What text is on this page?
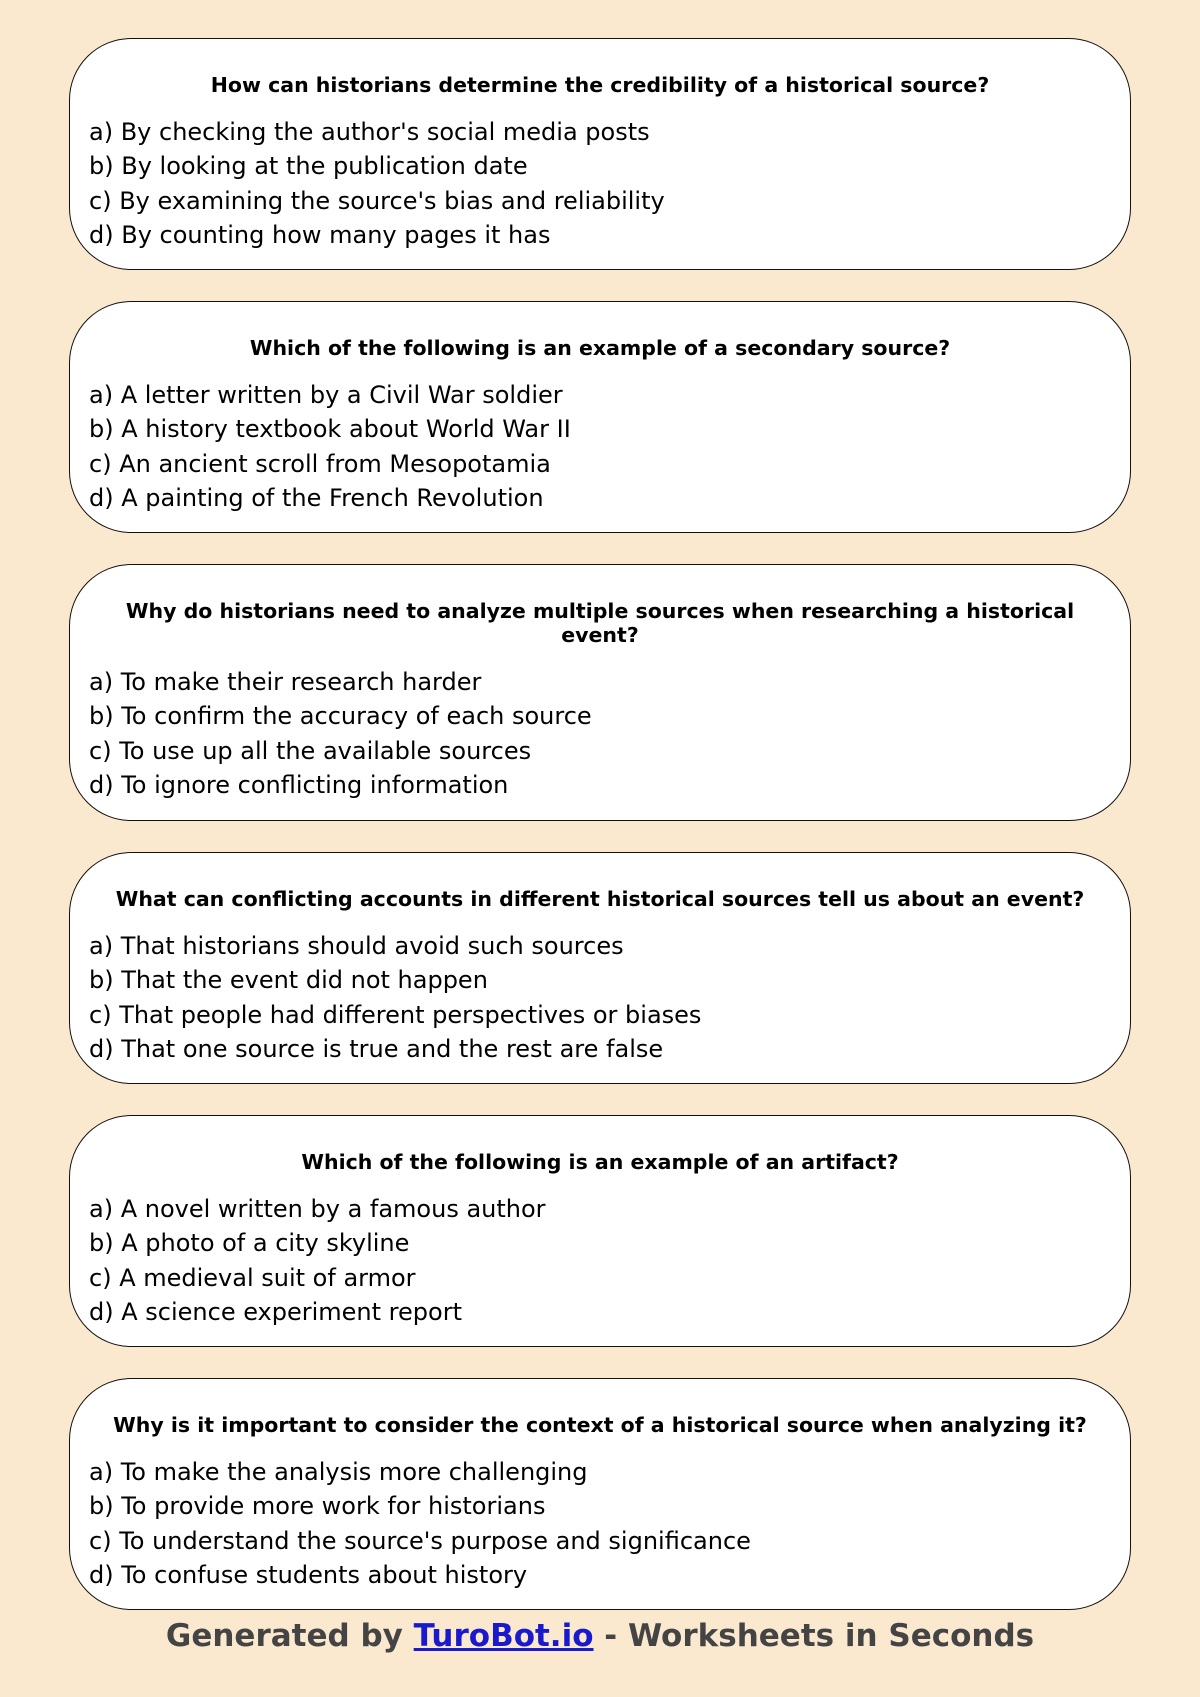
How can historians determine the credibility of a historical source?
a) By checking the author's social media posts
b) By looking at the publication date
c) By examining the source's bias and reliability
d) By counting how many pages it has
Which of the following is an example of a secondary source?
a) A letter written by a Civil War soldier
b) A history textbook about World War II
c) An ancient scroll from Mesopotamia
d) A painting of the French Revolution
Why do historians need to analyze multiple sources when researching a historical event?
a) To make their research harder
b) To confirm the accuracy of each source
c) To use up all the available sources
d) To ignore conflicting information
What can conflicting accounts in different historical sources tell us about an event?
a) That historians should avoid such sources
b) That the event did not happen
c) That people had different perspectives or biases
d) That one source is true and the rest are false
Which of the following is an example of an artifact?
a) A novel written by a famous author
b) A photo of a city skyline
c) A medieval suit of armor
d) A science experiment report
Why is it important to consider the context of a historical source when analyzing it?
a) To make the analysis more challenging
b) To provide more work for historians
c) To understand the source's purpose and significance
d) To confuse students about history
Generated by TuroBot.io - Worksheets in Seconds
